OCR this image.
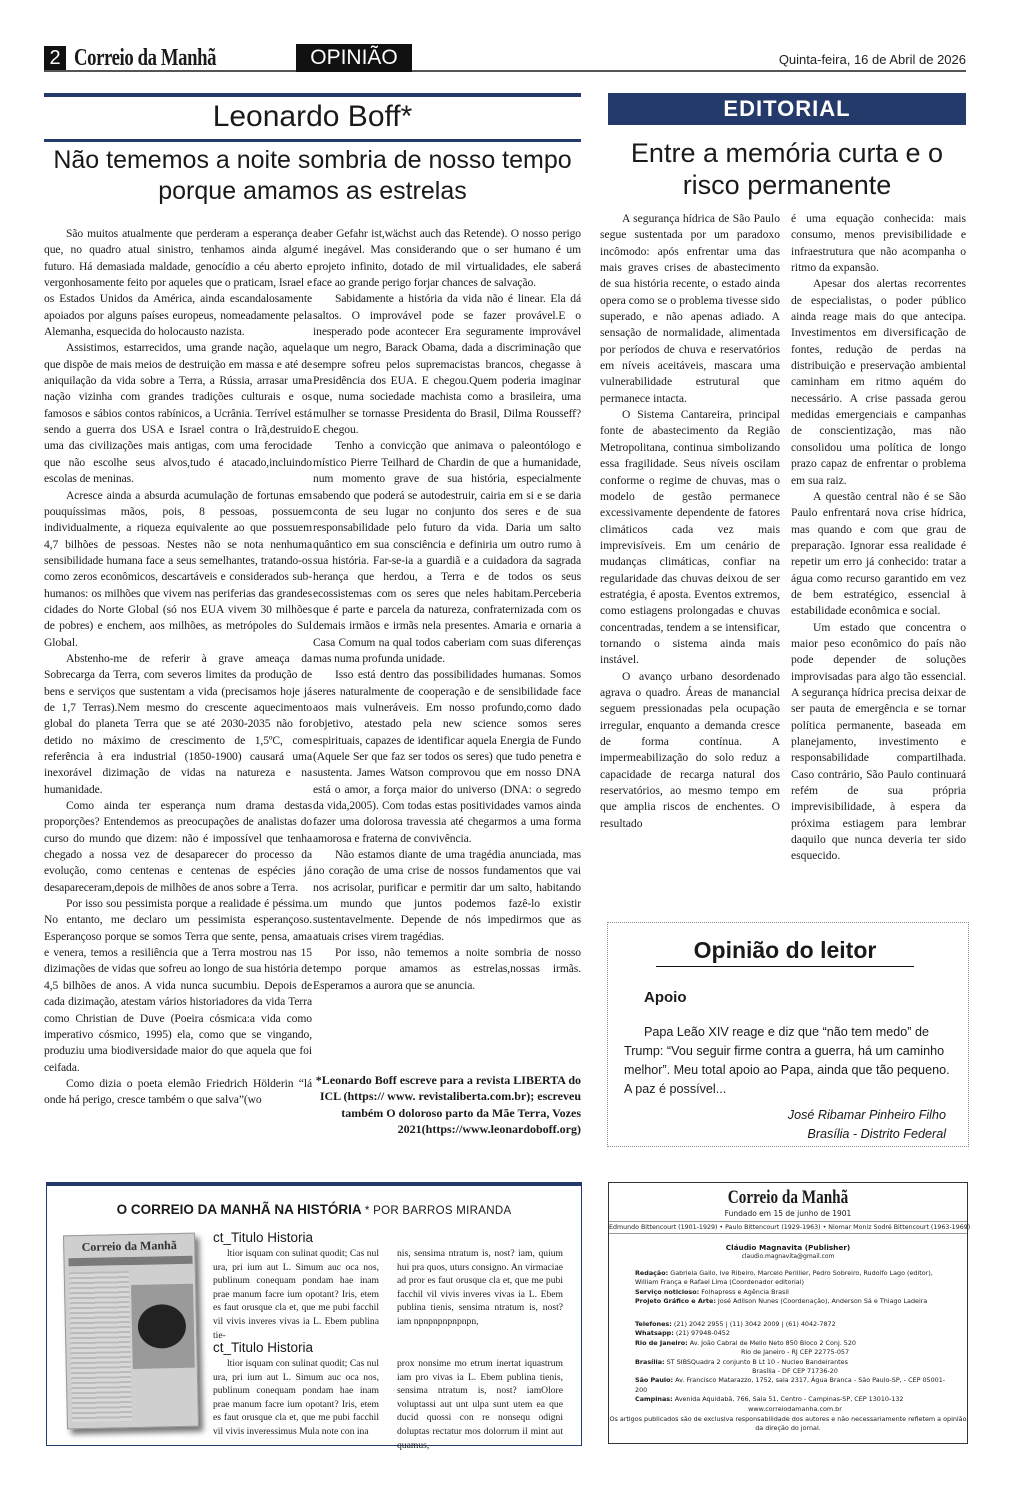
2 Correio da Manhã	OPINIÃO	Quinta-feira, 16 de Abril de 2026
Leonardo Boff*
Não tememos a noite sombria de nosso tempo porque amamos as estrelas

São muitos atualmente que perderam a esperança de que, no quadro atual sinistro, tenhamos ainda algum futuro. Há demasiada maldade, genocídio a céu aberto e vergonhosamente feito por aqueles que o praticam, Israel e os Estados Unidos da América, ainda escandalosamente apoiados por alguns países europeus, nomeadamente pela Alemanha, esquecida do holocausto nazista.

Assistimos, estarrecidos, uma grande nação, aquela que dispõe de mais meios de destruição em massa e até de aniquilação da vida sobre a Terra, a Rússia, arrasar uma nação vizinha com grandes tradições culturais e os famosos e sábios contos rabínicos, a Ucrânia. Terrível está sendo a guerra dos USA e Israel contra o Irã,destruido uma das civilizações mais antigas, com uma ferocidade que não escolhe seus alvos,tudo é atacado,incluindo escolas de meninas.

Acresce ainda a absurda acumulação de fortunas em pouquíssimas mãos, pois, 8 pessoas, possuem individualmente, a riqueza equivalente ao que possuem 4,7 bilhões de pessoas. Nestes não se nota nenhuma sensibilidade humana face a seus semelhantes, tratando-os como zeros econômicos, descartáveis e considerados sub-humanos: os milhões que vivem nas periferias das grandes cidades do Norte Global (só nos EUA vivem 30 milhões de pobres) e enchem, aos milhões, as metrópoles do Sul Global.

Abstenho-me de referir à grave ameaça da Sobrecarga da Terra, com severos limites da produção de bens e serviços que sustentam a vida (precisamos hoje já de 1,7 Terras).Nem mesmo do crescente aquecimento global do planeta Terra que se até 2030-2035 não for detido no máximo de crescimento de 1,5ºC, com referência à era industrial (1850-1900) causará uma inexorável dizimação de vidas na natureza e na humanidade.

Como ainda ter esperança num drama destas proporções? Entendemos as preocupações de analistas do curso do mundo que dizem: não é impossível que tenha chegado a nossa vez de desaparecer do processo da evolução, como centenas e centenas de espécies já desapareceram,depois de milhões de anos sobre a Terra.

Por isso sou pessimista porque a realidade é péssima. No entanto, me declaro um pessimista esperançoso. Esperançoso porque se somos Terra que sente, pensa, ama e venera, temos a resiliência que a Terra mostrou nas 15 dizimações de vidas que sofreu ao longo de sua história de 4,5 bilhões de anos. A vida nunca sucumbiu. Depois de cada dizimação, atestam vários historiadores da vida Terra como Christian de Duve (Poeira cósmica:a vida como imperativo cósmico, 1995) ela, como que se vingando, produziu uma biodiversidade maior do que aquela que foi ceifada.

Como dizia o poeta elemão Friedrich Hölderin “lá onde há perigo, cresce também o que salva”(wo

aber Gefahr ist,wächst auch das Retende). O nosso perigo é inegável. Mas considerando que o ser humano é um projeto infinito, dotado de mil virtualidades, ele saberá face ao grande perigo forjar chances de salvação.

Sabidamente a história da vida não é linear. Ela dá saltos. O improvável pode se fazer provável.E o inesperado pode acontecer Era seguramente improvável que um negro, Barack Obama, dada a discriminação que sempre sofreu pelos supremacistas brancos, chegasse à Presidência dos EUA. E chegou.Quem poderia imaginar que, numa sociedade machista como a brasileira, uma mulher se tornasse Presidenta do Brasil, Dilma Rousseff? E chegou.

Tenho a convicção que animava o paleontólogo e místico Pierre Teilhard de Chardin de que a humanidade, num momento grave de sua história, especialmente sabendo que poderá se autodestruir, cairia em si e se daria conta de seu lugar no conjunto dos seres e de sua responsabilidade pelo futuro da vida. Daria um salto quântico em sua consciência e definiria um outro rumo à sua história. Far-se-ia a guardiã e a cuidadora da sagrada herança que herdou, a Terra e de todos os seus ecossistemas com os seres que neles habitam.Perceberia que é parte e parcela da natureza, confraternizada com os demais irmãos e irmãs nela presentes. Amaria e ornaria a Casa Comum na qual todos caberiam com suas diferenças mas numa profunda unidade.

Isso está dentro das possibilidades humanas. Somos seres naturalmente de cooperação e de sensibilidade face aos mais vulneráveis. Em nosso profundo,como dado objetivo, atestado pela new science somos seres espirituais, capazes de identificar aquela Energia de Fundo (Aquele Ser que faz ser todos os seres) que tudo penetra e sustenta. James Watson comprovou que em nosso DNA está o amor, a força maior do universo (DNA: o segredo da vida,2005). Com todas estas positividades vamos ainda fazer uma dolorosa travessia até chegarmos a uma forma amorosa e fraterna de convivência.

Não estamos diante de uma tragédia anunciada, mas no coração de uma crise de nossos fundamentos que vai nos acrisolar, purificar e permitir dar um salto, habitando um mundo que juntos podemos fazê-lo existir sustentavelmente. Depende de nós impedirmos que as atuais crises virem tragédias.

Por isso, não tememos a noite sombria de nosso tempo porque amamos as estrelas,nossas irmãs. Esperamos a aurora que se anuncia.

*Leonardo Boff escreve para a revista LIBERTA do ICL (https:// www. revistaliberta.com.br); escreveu também O doloroso parto da Mãe Terra, Vozes 2021(https://www.leonardoboff.org)
EDITORIAL
Entre a memória curta e o risco permanente

A segurança hídrica de São Paulo segue sustentada por um paradoxo incômodo: após enfrentar uma das mais graves crises de abastecimento de sua história recente, o estado ainda opera como se o problema tivesse sido superado, e não apenas adiado. A sensação de normalidade, alimentada por períodos de chuva e reservatórios em níveis aceitáveis, mascara uma vulnerabilidade estrutural que permanece intacta.

O Sistema Cantareira, principal fonte de abastecimento da Região Metropolitana, continua simbolizando essa fragilidade. Seus níveis oscilam conforme o regime de chuvas, mas o modelo de gestão permanece excessivamente dependente de fatores climáticos cada vez mais imprevisíveis. Em um cenário de mudanças climáticas, confiar na regularidade das chuvas deixou de ser estratégia, é aposta. Eventos extremos, como estiagens prolongadas e chuvas concentradas, tendem a se intensificar, tornando o sistema ainda mais instável.

O avanço urbano desordenado agrava o quadro. Áreas de manancial seguem pressionadas pela ocupação irregular, enquanto a demanda cresce de forma contínua. A impermeabilização do solo reduz a capacidade de recarga natural dos reservatórios, ao mesmo tempo em que amplia riscos de enchentes. O resultado

é uma equação conhecida: mais consumo, menos previsibilidade e infraestrutura que não acompanha o ritmo da expansão.

Apesar dos alertas recorrentes de especialistas, o poder público ainda reage mais do que antecipa. Investimentos em diversificação de fontes, redução de perdas na distribuição e preservação ambiental caminham em ritmo aquém do necessário. A crise passada gerou medidas emergenciais e campanhas de conscientização, mas não consolidou uma política de longo prazo capaz de enfrentar o problema em sua raiz.

A questão central não é se São Paulo enfrentará nova crise hídrica, mas quando e com que grau de preparação. Ignorar essa realidade é repetir um erro já conhecido: tratar a água como recurso garantido em vez de bem estratégico, essencial à estabilidade econômica e social.

Um estado que concentra o maior peso econômico do país não pode depender de soluções improvisadas para algo tão essencial. A segurança hídrica precisa deixar de ser pauta de emergência e se tornar política permanente, baseada em planejamento, investimento e responsabilidade compartilhada. Caso contrário, São Paulo continuará refém de sua própria imprevisibilidade, à espera da próxima estiagem para lembrar daquilo que nunca deveria ter sido esquecido.

Opinião do leitor
Apoio
Papa Leão XIV reage e diz que “não tem medo” de Trump: “Vou seguir firme contra a guerra, há um caminho melhor”. Meu total apoio ao Papa, ainda que tão pequeno. A paz é possível...
José Ribamar Pinheiro Filho
Brasília - Distrito Federal
O CORREIO DA MANHÃ NA HISTÓRIA * POR BARROS MIRANDA
Correio da Manhã
ct_Titulo Historia

ltior isquam con sulinat quodit; Cas nul ura, pri ium aut L. Simum auc oca nos, publinum conequam pondam hae inam prae manum facre ium opotant? Iris, etem es faut orusque cla et, que me pubi facchil vil vivis inveres vivas ia L. Ebem publina tie-

nis, sensima ntratum is, nost? iam, quium hui pra quos, uturs consigno. An virmaciae ad pror es faut orusque cla et, que me pubi facchil vil vivis inveres vivas ia L. Ebem publina tienis, sensima ntratum is, nost? iam npnpnpnpnpnpn,

ct_Titulo Historia

ltior isquam con sulinat quodit; Cas nul ura, pri ium aut L. Simum auc oca nos, publinum conequam pondam hae inam prae manum facre ium opotant? Iris, etem es faut orusque cla et, que me pubi facchil vil vivis inveressimus Mula note con ina

prox nonsime mo etrum inertat iquastrum iam pro vivas ia L. Ebem publina tienis, sensima ntratum is, nost? iamOlore voluptassi aut unt ulpa sunt utem ea que ducid quossi con re nonsequ odigni doluptas rectatur mos dolorrum il mint aut quamus,

Correio da Manhã
Fundado em 15 de junho de 1901
Edmundo Bittencourt (1901-1929) • Paulo Bittencourt (1929-1963) • Niomar Moniz Sodré Bittencourt (1963-1969)
Cláudio Magnavita (Publisher)
claudio.magnavita@gmail.com
Redação: Gabriela Gallo, Ive Ribeiro, Marcelo Perillier, Pedro Sobreiro, Rudolfo Lago (editor), William França e Rafael Lima (Coordenador editorial)
Serviço noticioso: Folhapress e Agência Brasil
Projeto Gráfico e Arte: José Adilson Nunes (Coordenação), Anderson Sá e Thiago Ladeira
Telefones: (21) 2042 2955 | (11) 3042 2009 | (61) 4042-7872
Whatsapp: (21) 97948-0452
Rio de Janeiro: Av. João Cabral de Mello Neto 850 Bloco 2 Conj. 520
Rio de Janeiro - RJ CEP 22775-057
Brasília: ST SIBSQuadra 2 conjunto B Lt 10 - Nucleo Bandeirantes
Brasília - DF CEP 71736-20
São Paulo: Av. Francisco Matarazzo, 1752, sala 2317, Água Branca - São Paulo-SP, - CEP 05001-200
Campinas: Avenida Aquidabã, 766, Sala 51, Centro - Campinas-SP, CEP 13010-132
www.correiodamanha.com.br
Os artigos publicados são de exclusiva responsabilidade dos autores e não necessariamente refletem a opinião da direção do jornal.
